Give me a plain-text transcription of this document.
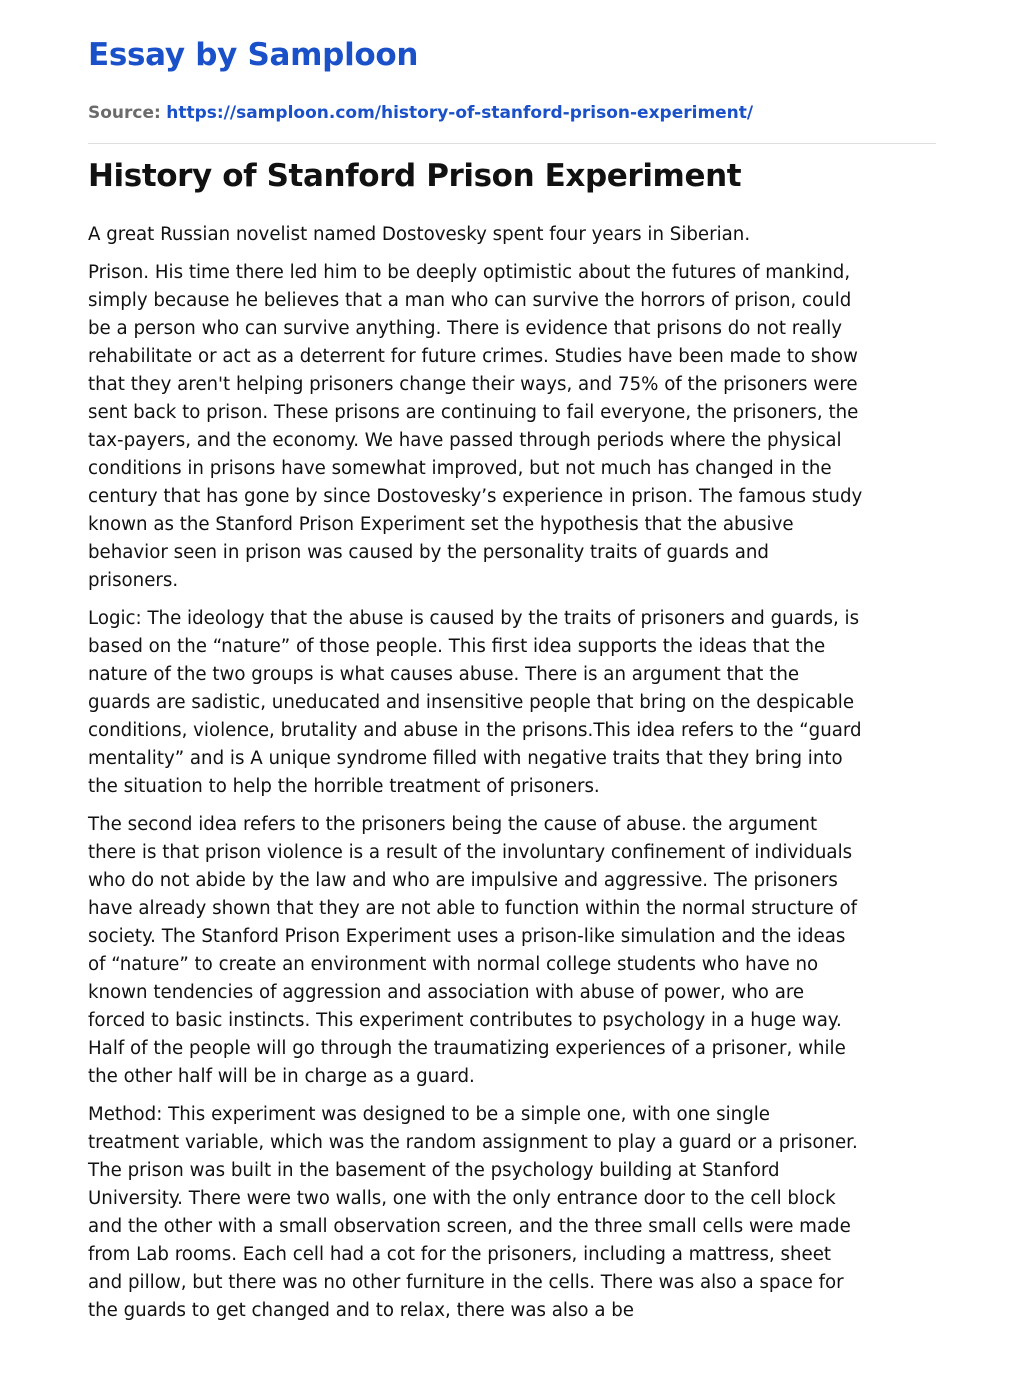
Essay by Samploon
Source: https://samploon.com/history-of-stanford-prison-experiment/
History of Stanford Prison Experiment

A great Russian novelist named Dostovesky spent four years in Siberian.

Prison. His time there led him to be deeply optimistic about the futures of mankind,
simply because he believes that a man who can survive the horrors of prison, could
be a person who can survive anything. There is evidence that prisons do not really
rehabilitate or act as a deterrent for future crimes. Studies have been made to show
that they aren't helping prisoners change their ways, and 75% of the prisoners were
sent back to prison. These prisons are continuing to fail everyone, the prisoners, the
tax-payers, and the economy. We have passed through periods where the physical
conditions in prisons have somewhat improved, but not much has changed in the
century that has gone by since Dostovesky’s experience in prison. The famous study
known as the Stanford Prison Experiment set the hypothesis that the abusive
behavior seen in prison was caused by the personality traits of guards and
prisoners.

Logic: The ideology that the abuse is caused by the traits of prisoners and guards, is
based on the “nature” of those people. This first idea supports the ideas that the
nature of the two groups is what causes abuse. There is an argument that the
guards are sadistic, uneducated and insensitive people that bring on the despicable
conditions, violence, brutality and abuse in the prisons.This idea refers to the “guard
mentality” and is A unique syndrome filled with negative traits that they bring into
the situation to help the horrible treatment of prisoners.

The second idea refers to the prisoners being the cause of abuse. the argument
there is that prison violence is a result of the involuntary confinement of individuals
who do not abide by the law and who are impulsive and aggressive. The prisoners
have already shown that they are not able to function within the normal structure of
society. The Stanford Prison Experiment uses a prison-like simulation and the ideas
of “nature” to create an environment with normal college students who have no
known tendencies of aggression and association with abuse of power, who are
forced to basic instincts. This experiment contributes to psychology in a huge way.
Half of the people will go through the traumatizing experiences of a prisoner, while
the other half will be in charge as a guard.

Method: This experiment was designed to be a simple one, with one single
treatment variable, which was the random assignment to play a guard or a prisoner.
The prison was built in the basement of the psychology building at Stanford
University. There were two walls, one with the only entrance door to the cell block
and the other with a small observation screen, and the three small cells were made
from Lab rooms. Each cell had a cot for the prisoners, including a mattress, sheet
and pillow, but there was no other furniture in the cells. There was also a space for
the guards to get changed and to relax, there was also a be
